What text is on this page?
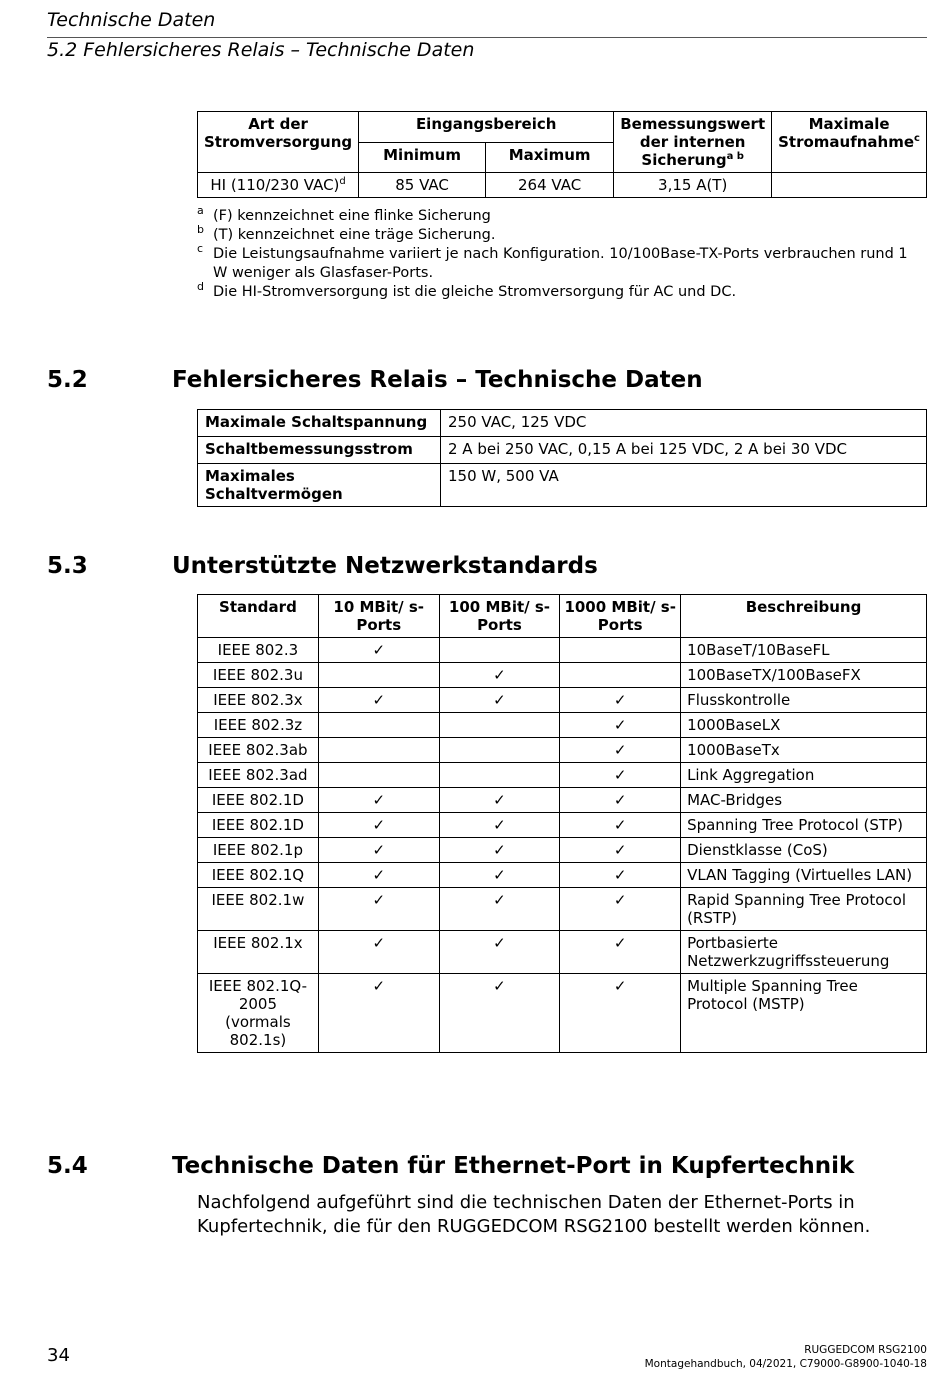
Technische Daten
5.2 Fehlersicheres Relais – Technische Daten
Art der Stromversorgung	Eingangsbereich		Bemessungswert der internen Sicherung$^{a b}$	Maximale Stromaufnahme$^c$
	Minimum	Maximum		
HI (110/230 VAC)$^d$	85 VAC	264 VAC	3,15 A(T)	
a (F) kennzeichnet eine flinke Sicherung
b (T) kennzeichnet eine träge Sicherung.
c Die Leistungsaufnahme variiert je nach Konfiguration. 10/100Base-TX-Ports verbrauchen rund 1 W weniger als Glasfaser-Ports.
d Die HI-Stromversorgung ist die gleiche Stromversorgung für AC und DC.
5.2	Fehlersicheres Relais – Technische Daten
Maximale Schaltspannung	250 VAC, 125 VDC
Schaltbemessungsstrom	2 A bei 250 VAC, 0,15 A bei 125 VDC, 2 A bei 30 VDC
Maximales Schaltvermögen	150 W, 500 VA
5.3	Unterstützte Netzwerkstandards
Standard	10 MBit/ s-Ports	100 MBit/ s-Ports	1000 MBit/ s-Ports	Beschreibung
IEEE 802.3	✓			10BaseT/10BaseFL
IEEE 802.3u		✓		100BaseTX/100BaseFX
IEEE 802.3x	✓	✓	✓	Flusskontrolle
IEEE 802.3z			✓	1000BaseLX
IEEE 802.3ab			✓	1000BaseTx
IEEE 802.3ad			✓	Link Aggregation
IEEE 802.1D	✓	✓	✓	MAC-Bridges
IEEE 802.1D	✓	✓	✓	Spanning Tree Protocol (STP)
IEEE 802.1p	✓	✓	✓	Dienstklasse (CoS)
IEEE 802.1Q	✓	✓	✓	VLAN Tagging (Virtuelles LAN)
IEEE 802.1w	✓	✓	✓	Rapid Spanning Tree Protocol (RSTP)
IEEE 802.1x	✓	✓	✓	Portbasierte Netzwerkzugriffssteuerung
IEEE 802.1Q-2005 (vormals 802.1s)	✓	✓	✓	Multiple Spanning Tree Protocol (MSTP)
5.4	Technische Daten für Ethernet-Port in Kupfertechnik
Nachfolgend aufgeführt sind die technischen Daten der Ethernet-Ports in Kupfertechnik, die für den RUGGEDCOM RSG2100 bestellt werden können.
34	RUGGEDCOM RSG2100
Montagehandbuch, 04/2021, C79000-G8900-1040-18
